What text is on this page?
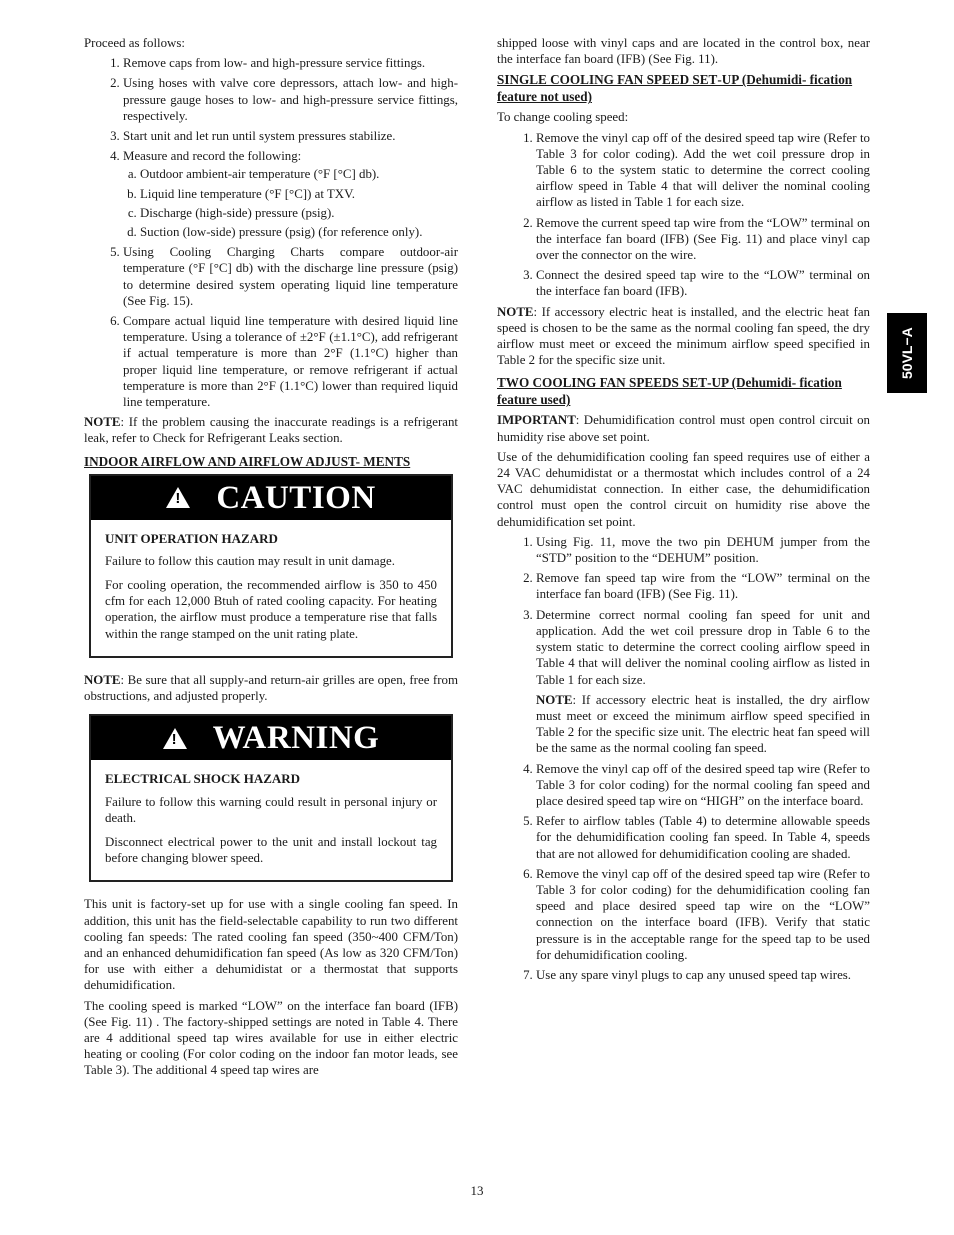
50VL−A

Proceed as follows:

1. Remove caps from low‐ and high‐pressure service fittings.
2. Using hoses with valve core depressors, attach low‐ and high‐pressure gauge hoses to low‐ and high‐pressure service fittings, respectively.
3. Start unit and let run until system pressures stabilize.
4. Measure and record the following:
a. Outdoor ambient‐air temperature (°F [°C] db).
b. Liquid line temperature (°F [°C]) at TXV.
c. Discharge (high‐side) pressure (psig).
d. Suction (low‐side) pressure (psig) (for reference only).
5. Using Cooling Charging Charts compare outdoor‐air temperature (°F [°C] db) with the discharge line pressure (psig) to determine desired system operating liquid line temperature (See Fig. 15).
6. Compare actual liquid line temperature with desired liquid line temperature. Using a tolerance of ±2°F (±1.1°C), add refrigerant if actual temperature is more than 2°F (1.1°C) higher than proper liquid line temperature, or remove refrigerant if actual temperature is more than 2°F (1.1°C) lower than required liquid line temperature.

NOTE: If the problem causing the inaccurate readings is a refrigerant leak, refer to Check for Refrigerant Leaks section.

INDOOR AIRFLOW AND AIRFLOW ADJUST- MENTS
!
CAUTION
UNIT OPERATION HAZARD

Failure to follow this caution may result in unit damage.

For cooling operation, the recommended airflow is 350 to 450 cfm for each 12,000 Btuh of rated cooling capacity. For heating operation, the airflow must produce a temperature rise that falls within the range stamped on the unit rating plate.

NOTE: Be sure that all supply‐and return‐air grilles are open, free from obstructions, and adjusted properly.

!
WARNING
ELECTRICAL SHOCK HAZARD

Failure to follow this warning could result in personal injury or death.

Disconnect electrical power to the unit and install lockout tag before changing blower speed.

This unit is factory-set up for use with a single cooling fan speed. In addition, this unit has the field-selectable capability to run two different cooling fan speeds: The rated cooling fan speed (350~400 CFM/Ton) and an enhanced dehumidification fan speed (As low as 320 CFM/Ton) for use with either a dehumidistat or a thermostat that supports dehumidification.

The cooling speed is marked “LOW” on the interface fan board (IFB) (See Fig. 11) . The factory-shipped settings are noted in Table 4. There are 4 additional speed tap wires available for use in either electric heating or cooling (For color coding on the indoor fan motor leads, see Table 3). The additional 4 speed tap wires are

shipped loose with vinyl caps and are located in the control box, near the interface fan board (IFB) (See Fig. 11).

SINGLE COOLING FAN SPEED SET‐UP (Dehumidi- fication feature not used)

To change cooling speed:

1. Remove the vinyl cap off of the desired speed tap wire (Refer to Table 3 for color coding). Add the wet coil pressure drop in Table 6 to the system static to determine the correct cooling airflow speed in Table 4 that will deliver the nominal cooling airflow as listed in Table 1 for each size.
2. Remove the current speed tap wire from the “LOW” terminal on the interface fan board (IFB) (See Fig. 11) and place vinyl cap over the connector on the wire.
3. Connect the desired speed tap wire to the “LOW” terminal on the interface fan board (IFB).

NOTE: If accessory electric heat is installed, and the electric heat fan speed is chosen to be the same as the normal cooling fan speed, the dry airflow must meet or exceed the minimum airflow speed specified in Table 2 for the specific size unit.

TWO COOLING FAN SPEEDS SET‐UP (Dehumidi- fication feature used)

IMPORTANT: Dehumidification control must open control circuit on humidity rise above set point.

Use of the dehumidification cooling fan speed requires use of either a 24 VAC dehumidistat or a thermostat which includes control of a 24 VAC dehumidistat connection. In either case, the dehumidification control must open the control circuit on humidity rise above the dehumidification set point.

1. Using Fig. 11, move the two pin DEHUM jumper from the “STD” position to the “DEHUM” position.
2. Remove fan speed tap wire from the “LOW” terminal on the interface fan board (IFB) (See Fig. 11).
3. Determine correct normal cooling fan speed for unit and application. Add the wet coil pressure drop in Table 6 to the system static to determine the correct cooling airflow speed in Table 4 that will deliver the nominal cooling airflow as listed in Table 1 for each size.
NOTE: If accessory electric heat is installed, the dry airflow must meet or exceed the minimum airflow speed specified in Table 2 for the specific size unit. The electric heat fan speed will be the same as the normal cooling fan speed.
4. Remove the vinyl cap off of the desired speed tap wire (Refer to Table 3 for color coding) for the normal cooling fan speed and place desired speed tap wire on “HIGH” on the interface board.
5. Refer to airflow tables (Table 4) to determine allowable speeds for the dehumidification cooling fan speed. In Table 4, speeds that are not allowed for dehumidification cooling are shaded.
6. Remove the vinyl cap off of the desired speed tap wire (Refer to Table 3 for color coding) for the dehumidification cooling fan speed and place desired speed tap wire on the “LOW” connection on the interface board (IFB). Verify that static pressure is in the acceptable range for the speed tap to be used for dehumidification cooling.
7. Use any spare vinyl plugs to cap any unused speed tap wires.
13
